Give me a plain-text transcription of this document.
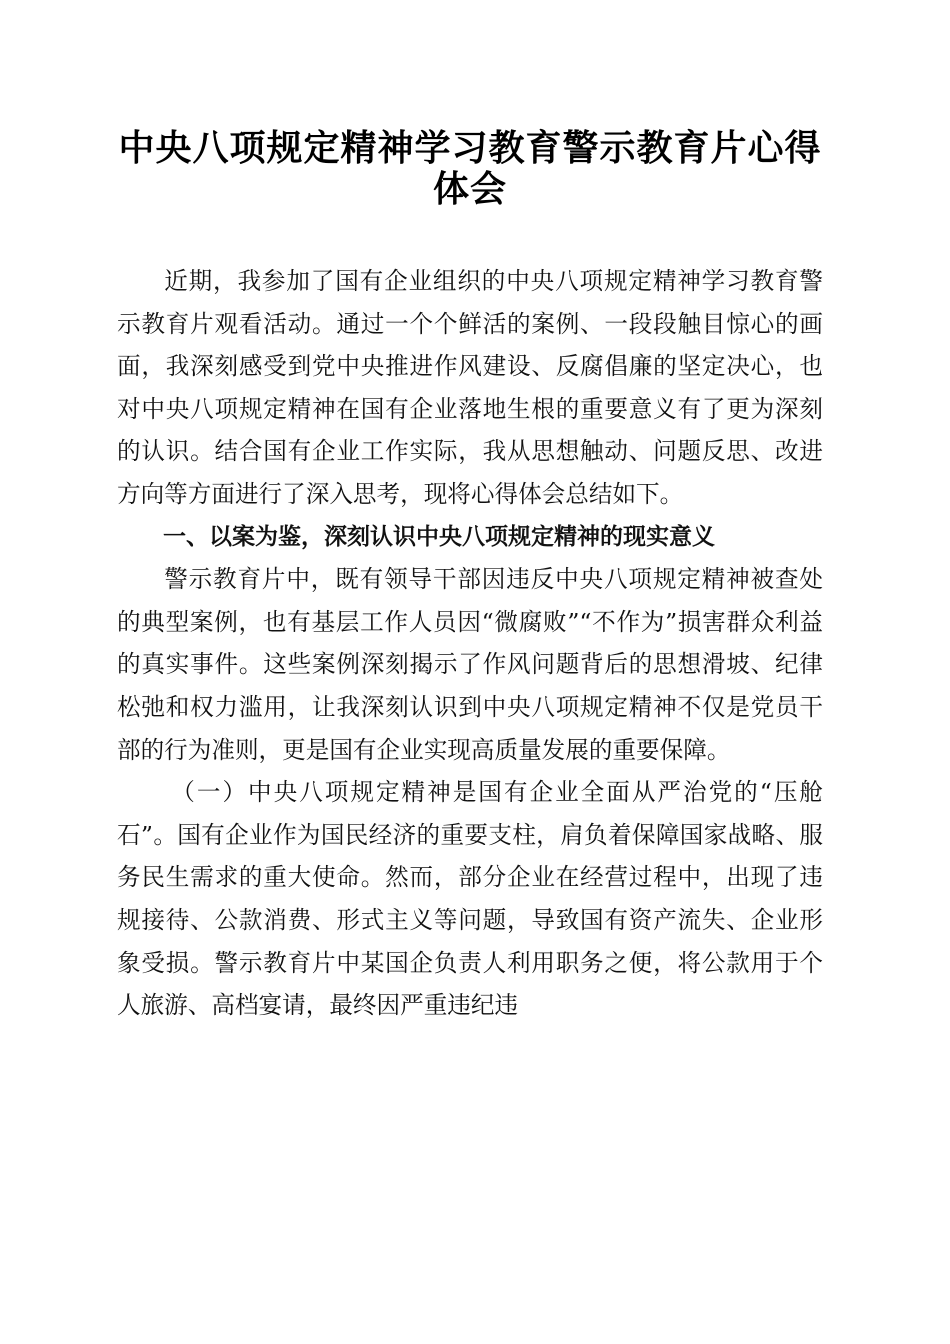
中央八项规定精神学习教育警示教育片心得体会

近期，我参加了国有企业组织的中央八项规定精神学习教育警示教育片观看活动。通过一个个鲜活的案例、一段段触目惊心的画面，我深刻感受到党中央推进作风建设、反腐倡廉的坚定决心，也对中央八项规定精神在国有企业落地生根的重要意义有了更为深刻的认识。结合国有企业工作实际，我从思想触动、问题反思、改进方向等方面进行了深入思考，现将心得体会总结如下。

一、以案为鉴，深刻认识中央八项规定精神的现实意义

警示教育片中，既有领导干部因违反中央八项规定精神被查处的典型案例，也有基层工作人员因“微腐败”“不作为”损害群众利益的真实事件。这些案例深刻揭示了作风问题背后的思想滑坡、纪律松弛和权力滥用，让我深刻认识到中央八项规定精神不仅是党员干部的行为准则，更是国有企业实现高质量发展的重要保障。

（一）中央八项规定精神是国有企业全面从严治党的“压舱石”。国有企业作为国民经济的重要支柱，肩负着保障国家战略、服务民生需求的重大使命。然而，部分企业在经营过程中，出现了违规接待、公款消费、形式主义等问题，导致国有资产流失、企业形象受损。警示教育片中某国企负责人利用职务之便，将公款用于个人旅游、高档宴请，最终因严重违纪违
